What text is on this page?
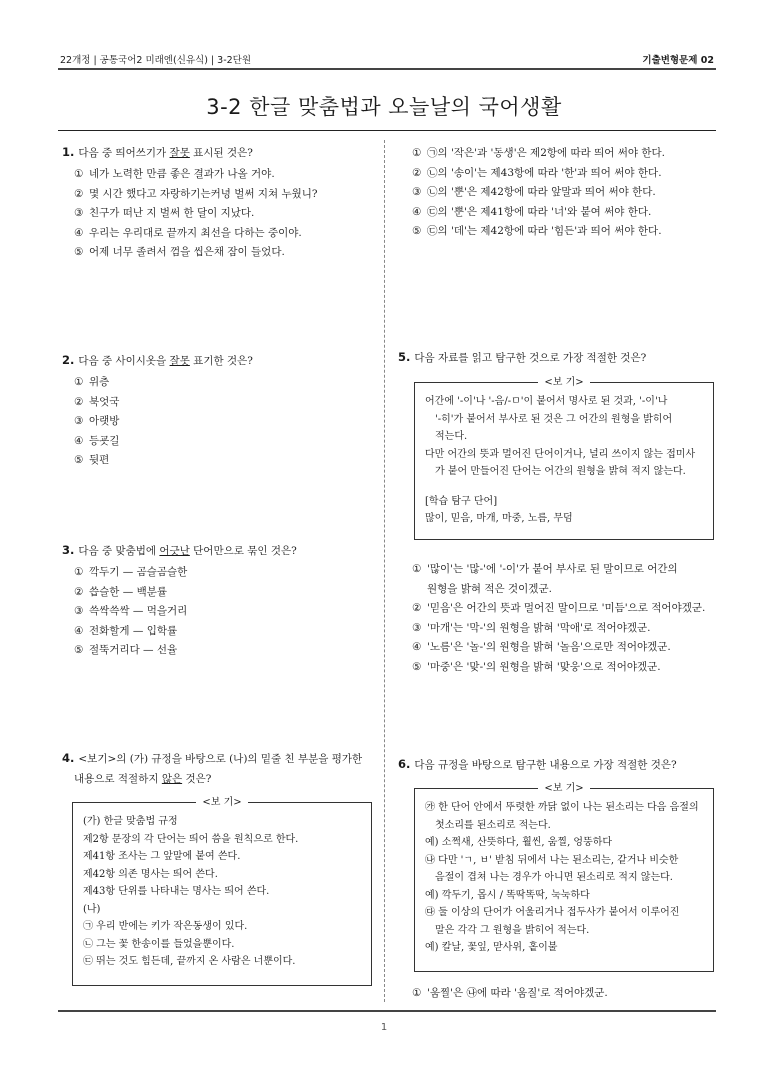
22개정 | 공통국어2 미래엔(신유식) | 3-2단원	기출변형문제 02
3-2 한글 맞춤법과 오늘날의 국어생활
1. 다음 중 띄어쓰기가 잘못 표시된 것은?
① 네가 노력한 만큼 좋은 결과가 나올 거야.
② 몇 시간 했다고 자랑하기는커녕 벌써 지쳐 누웠니?
③ 친구가 떠난 지 벌써 한 달이 지났다.
④ 우리는 우리대로 끝까지 최선을 다하는 중이야.
⑤ 어제 너무 졸려서 껌을 씹은채 잠이 들었다.
2. 다음 중 사이시옷을 잘못 표기한 것은?
① 위층
② 북엇국
③ 아랫방
④ 등굣길
⑤ 뒷편
3. 다음 중 맞춤법에 어긋난 단어만으로 묶인 것은?
① 깍두기 — 곰슬곰슬한
② 씁슬한 — 백분률
③ 쓱싹쓱싹 — 먹을거리
④ 전화할게 — 입학률
⑤ 절뚝거리다 — 선율
4. <보기>의 (가) 규정을 바탕으로 (나)의 밑줄 친 부분을 평가한
내용으로 적절하지 않은 것은?
<보 기>

(가) 한글 맞춤법 규정

제2항 문장의 각 단어는 띄어 씀을 원칙으로 한다.

제41항 조사는 그 앞말에 붙여 쓴다.

제42항 의존 명사는 띄어 쓴다.

제43항 단위를 나타내는 명사는 띄어 쓴다.

(나)

㉠ 우리 반에는 키가 작은동생이 있다.

㉡ 그는 꽃 한송이를 들었을뿐이다.

㉢ 뛰는 것도 힘든데, 끝까지 온 사람은 너뿐이다.

① ㉠의 '작은'과 '동생'은 제2항에 따라 띄어 써야 한다.
② ㉡의 '송이'는 제43항에 따라 '한'과 띄어 써야 한다.
③ ㉡의 '뿐'은 제42항에 따라 앞말과 띄어 써야 한다.
④ ㉢의 '뿐'은 제41항에 따라 '너'와 붙여 써야 한다.
⑤ ㉢의 '데'는 제42항에 따라 '힘든'과 띄어 써야 한다.
5. 다음 자료를 읽고 탐구한 것으로 가장 적절한 것은?
<보 기>

어간에 '-이'나 '-음/-ㅁ'이 붙어서 명사로 된 것과, '-이'나

'-히'가 붙어서 부사로 된 것은 그 어간의 원형을 밝히어

적는다.

다만 어간의 뜻과 멀어진 단어이거나, 널리 쓰이지 않는 접미사

가 붙어 만들어진 단어는 어간의 원형을 밝혀 적지 않는다.

[학습 탐구 단어]

많이, 믿음, 마개, 마중, 노름, 무덤

① '많이'는 '많-'에 '-이'가 붙어 부사로 된 말이므로 어간의
원형을 밝혀 적은 것이겠군.
② '믿음'은 어간의 뜻과 멀어진 말이므로 '미듬'으로 적어야겠군.
③ '마개'는 '막-'의 원형을 밝혀 '막애'로 적어야겠군.
④ '노름'은 '놀-'의 원형을 밝혀 '놀음'으로만 적어야겠군.
⑤ '마중'은 '맞-'의 원형을 밝혀 '맞웅'으로 적어야겠군.
6. 다음 규정을 바탕으로 탐구한 내용으로 가장 적절한 것은?
<보 기>

㉮ 한 단어 안에서 뚜렷한 까닭 없이 나는 된소리는 다음 음절의

첫소리를 된소리로 적는다.

예) 소쩍새, 산뜻하다, 훨씬, 움찔, 엉뚱하다

㉯ 다만 'ㄱ, ㅂ' 받침 뒤에서 나는 된소리는, 같거나 비슷한

음절이 겹쳐 나는 경우가 아니면 된소리로 적지 않는다.

예) 깍두기, 몹시 / 똑딱똑딱, 눅눅하다

㉰ 둘 이상의 단어가 어울리거나 접두사가 붙어서 이루어진

말은 각각 그 원형을 밝히어 적는다.

예) 칼날, 꽃잎, 맏사위, 홑이불

① '움찔'은 ㉯에 따라 '움질'로 적어야겠군.
1
